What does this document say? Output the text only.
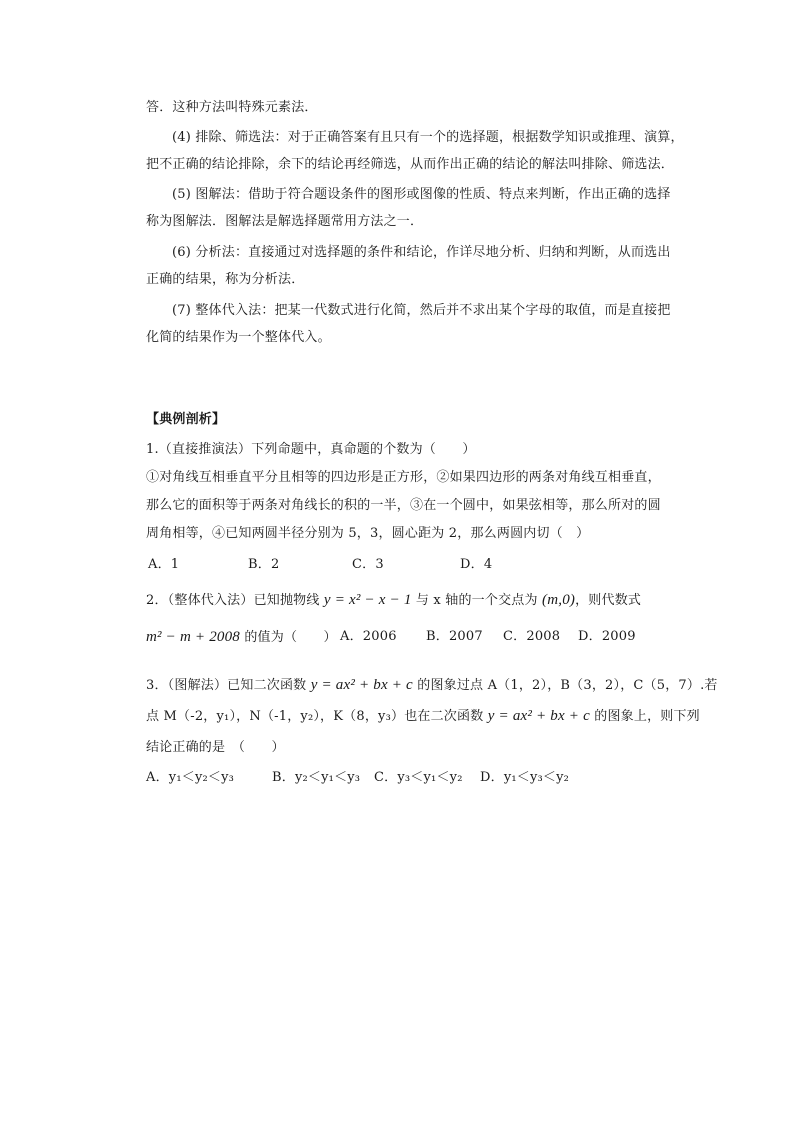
答．这种方法叫特殊元素法．
(4) 排除、筛选法：对于正确答案有且只有一个的选择题，根据数学知识或推理、演算，
把不正确的结论排除，余下的结论再经筛选，从而作出正确的结论的解法叫排除、筛选法．
(5) 图解法：借助于符合题设条件的图形或图像的性质、特点来判断，作出正确的选择
称为图解法．图解法是解选择题常用方法之一．
(6) 分析法：直接通过对选择题的条件和结论，作详尽地分析、归纳和判断，从而选出
正确的结果，称为分析法．
(7) 整体代入法：把某一代数式进行化简，然后并不求出某个字母的取值，而是直接把
化简的结果作为一个整体代入。
【典例剖析】
1.（直接推演法）下列命题中，真命题的个数为（　　）
①对角线互相垂直平分且相等的四边形是正方形，②如果四边形的两条对角线互相垂直，
那么它的面积等于两条对角线长的积的一半，③在一个圆中，如果弦相等，那么所对的圆
周角相等，④已知两圆半径分别为 5，3，圆心距为 2，那么两圆内切（　）
A．1	B．2	C．3	D．4
2．（整体代入法）已知抛物线 y = x² − x − 1 与 x 轴的一个交点为 (m,0)，则代数式
m² − m + 2008 的值为（　　） A．2006 B．2007 C．2008 D．2009
3．（图解法）已知二次函数 y = ax² + bx + c 的图象过点 A（1，2），B（3，2），C（5，7）.若
点 M（-2，y₁），N（-1，y₂），K（8，y₃）也在二次函数 y = ax² + bx + c 的图象上，则下列
结论正确的是　（　　）
A．y₁＜y₂＜y₃	B．y₂＜y₁＜y₃ C．y₃＜y₁＜y₂ D．y₁＜y₃＜y₂
